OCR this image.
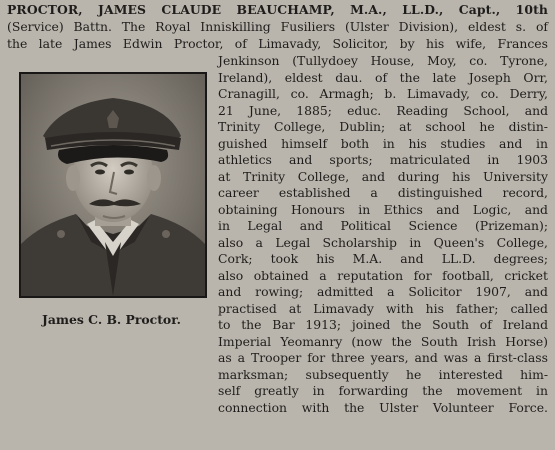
PROCTOR, JAMES CLAUDE BEAUCHAMP, M.A., LL.D., Capt., 10th
(Service) Battn. The Royal Inniskilling Fusiliers (Ulster Division), eldest s. of
the late James Edwin Proctor, of Limavady, Solicitor, by his wife, Frances
James C. B. Proctor.
Jenkinson (Tullydoey House, Moy, co. Tyrone,
Ireland), eldest dau. of the late Joseph Orr,
Cranagill, co. Armagh; b. Limavady, co. Derry,
21 June, 1885; educ. Reading School, and
Trinity College, Dublin; at school he distin-
guished himself both in his studies and in
athletics and sports; matriculated in 1903
at Trinity College, and during his University
career established a distinguished record,
obtaining Honours in Ethics and Logic, and
in Legal and Political Science (Prizeman);
also a Legal Scholarship in Queen's College,
Cork; took his M.A. and LL.D. degrees;
also obtained a reputation for football, cricket
and rowing; admitted a Solicitor 1907, and
practised at Limavady with his father; called
to the Bar 1913; joined the South of Ireland
Imperial Yeomanry (now the South Irish Horse)
as a Trooper for three years, and was a first-class
marksman; subsequently he interested him-
self greatly in forwarding the movement in
connection with the Ulster Volunteer Force.
